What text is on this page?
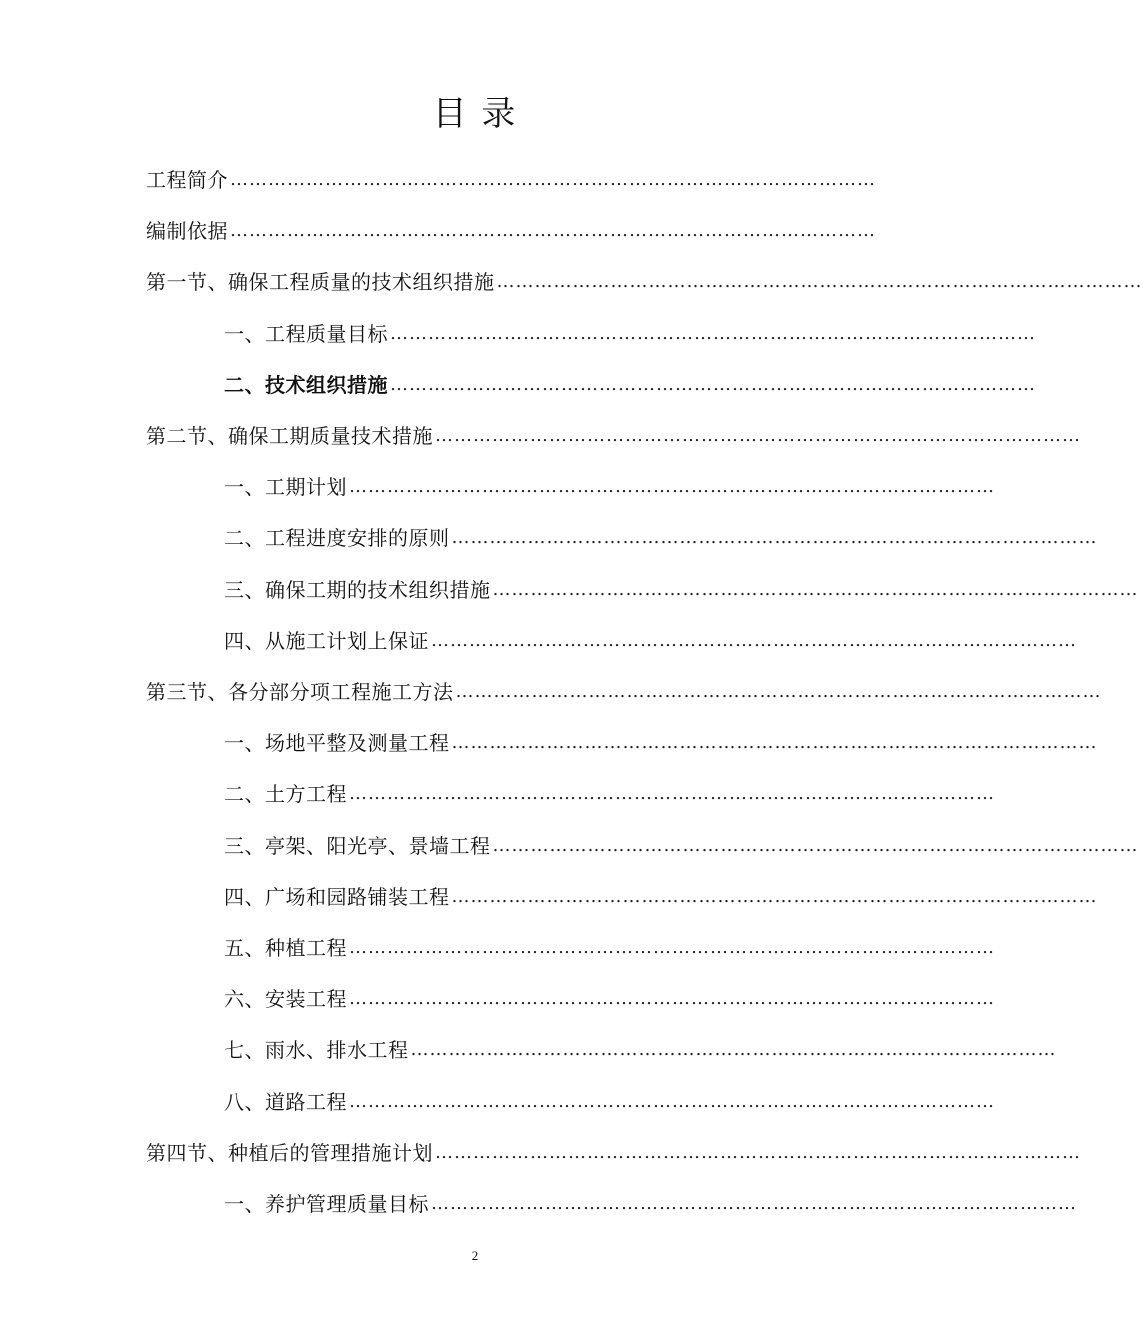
目 录
工程简介 …………………………………………………………………………………………
编制依据 …………………………………………………………………………………………
第一节、确保工程质量的技术组织措施 …………………………………………………………………………………………
一、工程质量目标 …………………………………………………………………………………………
二、技术组织措施 …………………………………………………………………………………………
第二节、确保工期质量技术措施 …………………………………………………………………………………………
一、工期计划 …………………………………………………………………………………………
二、工程进度安排的原则 …………………………………………………………………………………………
三、确保工期的技术组织措施 …………………………………………………………………………………………
四、从施工计划上保证 …………………………………………………………………………………………
第三节、各分部分项工程施工方法 …………………………………………………………………………………………
一、场地平整及测量工程 …………………………………………………………………………………………
二、土方工程 …………………………………………………………………………………………
三、亭架、阳光亭、景墙工程 …………………………………………………………………………………………
四、广场和园路铺装工程 …………………………………………………………………………………………
五、种植工程 …………………………………………………………………………………………
六、安装工程 …………………………………………………………………………………………
七、雨水、排水工程 …………………………………………………………………………………………
八、道路工程 …………………………………………………………………………………………
第四节、种植后的管理措施计划 …………………………………………………………………………………………
一、养护管理质量目标 …………………………………………………………………………………………
2
